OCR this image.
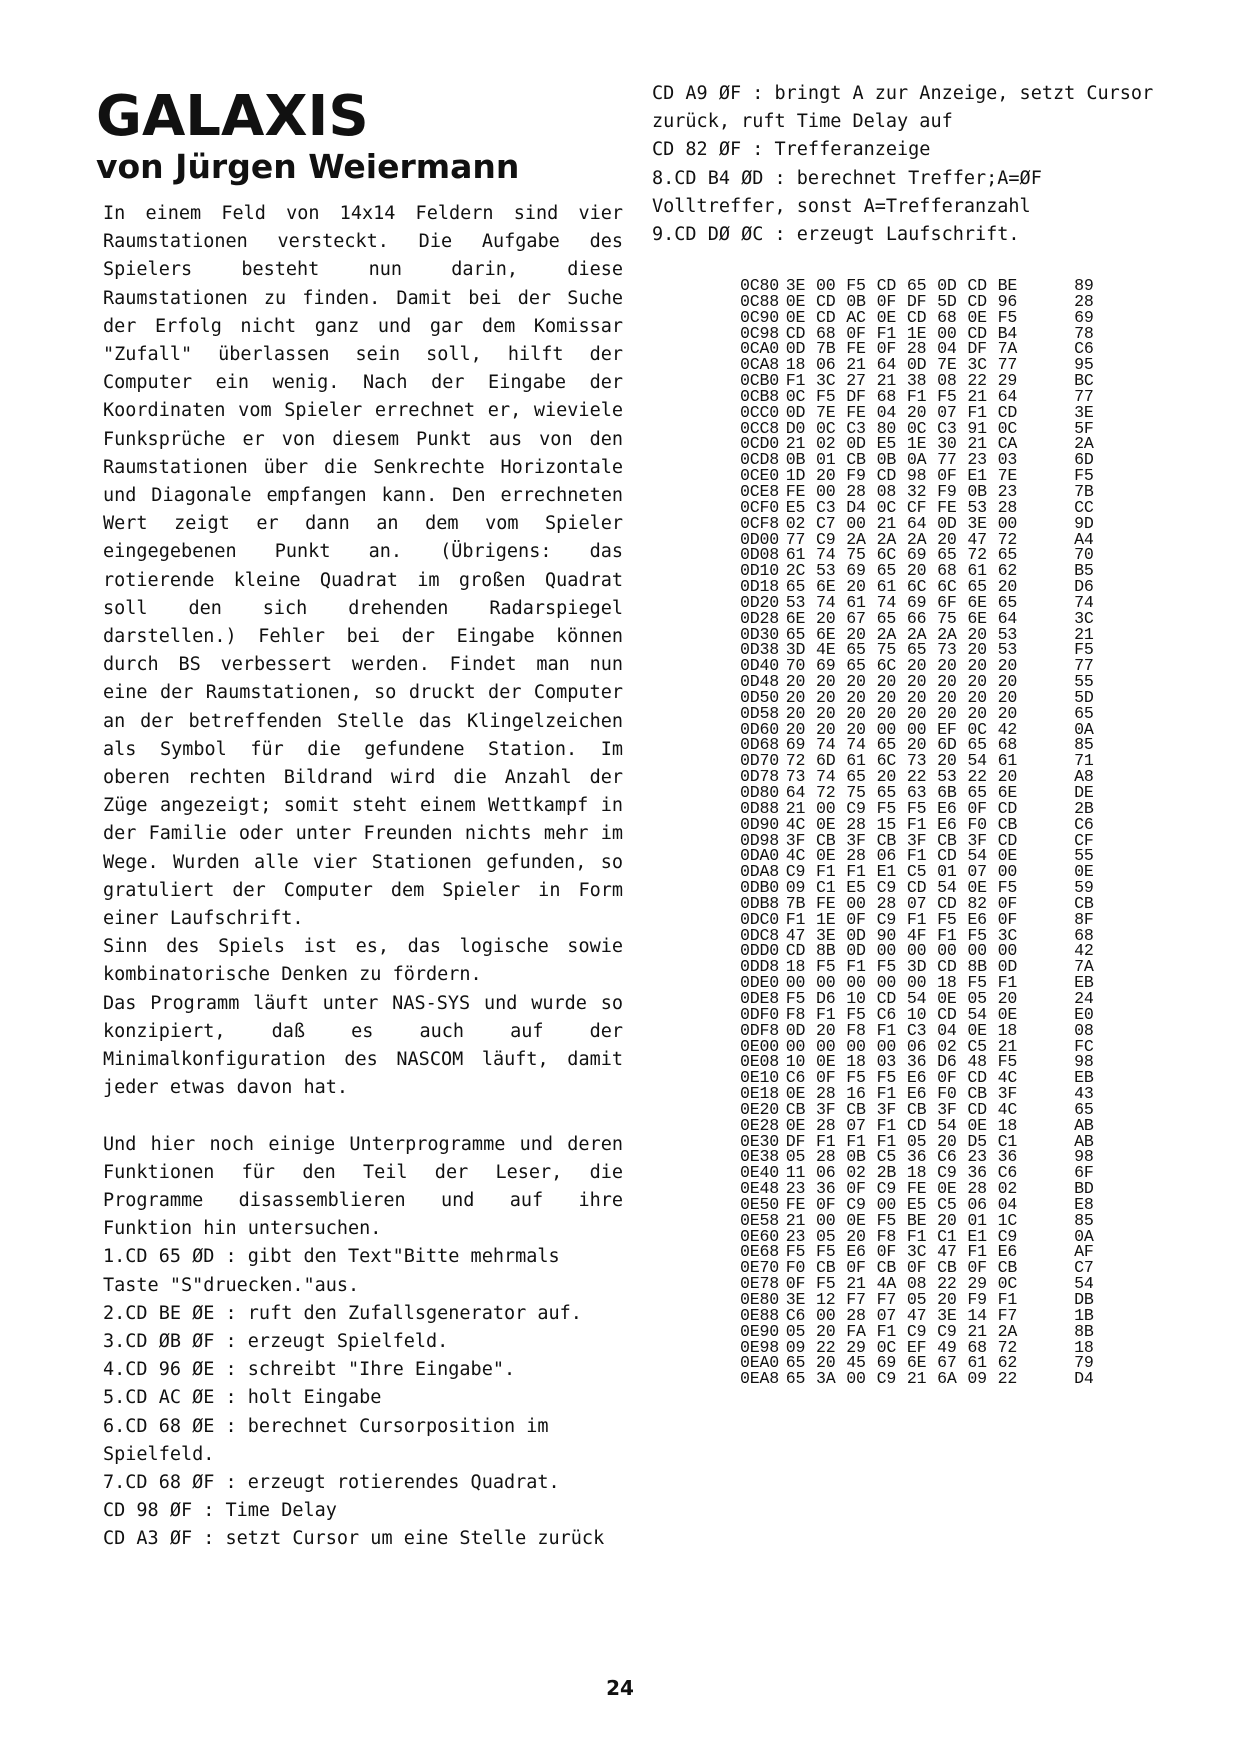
GALAXIS
von Jürgen Weiermann

In einem Feld von 14x14 Feldern sind vier Raumstationen versteckt. Die Aufgabe des Spielers besteht nun darin, diese Raumstationen zu finden. Damit bei der Suche der Erfolg nicht ganz und gar dem Komissar "Zufall" überlassen sein soll, hilft der Computer ein wenig. Nach der Eingabe der Koordinaten vom Spieler errechnet er, wieviele Funksprüche er von diesem Punkt aus von den Raumstationen über die Senkrechte Horizontale und Diagonale empfangen kann. Den errechneten Wert zeigt er dann an dem vom Spieler eingegebenen Punkt an. (Übrigens: das rotierende kleine Quadrat im großen Quadrat soll den sich drehenden Radarspiegel darstellen.) Fehler bei der Eingabe können durch BS verbessert werden. Findet man nun eine der Raumstationen, so druckt der Computer an der betreffenden Stelle das Klingelzeichen als Symbol für die gefundene Station. Im oberen rechten Bildrand wird die Anzahl der Züge angezeigt; somit steht einem Wettkampf in der Familie oder unter Freunden nichts mehr im Wege. Wurden alle vier Stationen gefunden, so gratuliert der Computer dem Spieler in Form einer Laufschrift.

Sinn des Spiels ist es, das logische sowie kombinatorische Denken zu fördern.

Das Programm läuft unter NAS-SYS und wurde so konzipiert, daß es auch auf der Minimalkonfiguration des NASCOM läuft, damit jeder etwas davon hat.

Und hier noch einige Unterprogramme und deren Funktionen für den Teil der Leser, die Programme disassemblieren und auf ihre Funktion hin untersuchen.

1.CD 65 ØD : gibt den Text"Bitte mehrmals Taste "S"druecken."aus.

2.CD BE ØE : ruft den Zufallsgenerator auf.

3.CD ØB ØF : erzeugt Spielfeld.

4.CD 96 ØE : schreibt "Ihre Eingabe".

5.CD AC ØE : holt Eingabe

6.CD 68 ØE : berechnet Cursorposition im Spielfeld.

7.CD 68 ØF : erzeugt rotierendes Quadrat.

CD 98 ØF : Time Delay

CD A3 ØF : setzt Cursor um eine Stelle zurück

CD A9 ØF : bringt A zur Anzeige, setzt Cursor zurück, ruft Time Delay auf

CD 82 ØF : Trefferanzeige

8.CD B4 ØD : berechnet Treffer;A=ØF Volltreffer, sonst A=Trefferanzahl

9.CD DØ ØC : erzeugt Laufschrift.

0C80 3E 00 F5 CD 65 0D CD BE	89
0C88 0E CD 0B 0F DF 5D CD 96	28
0C90 0E CD AC 0E CD 68 0E F5	69
0C98 CD 68 0F F1 1E 00 CD B4	78
0CA0 0D 7B FE 0F 28 04 DF 7A	C6
0CA8 18 06 21 64 0D 7E 3C 77	95
0CB0 F1 3C 27 21 38 08 22 29	BC
0CB8 0C F5 DF 68 F1 F5 21 64	77
0CC0 0D 7E FE 04 20 07 F1 CD	3E
0CC8 D0 0C C3 80 0C C3 91 0C	5F
0CD0 21 02 0D E5 1E 30 21 CA	2A
0CD8 0B 01 CB 0B 0A 77 23 03	6D
0CE0 1D 20 F9 CD 98 0F E1 7E	F5
0CE8 FE 00 28 08 32 F9 0B 23	7B
0CF0 E5 C3 D4 0C CF FE 53 28	CC
0CF8 02 C7 00 21 64 0D 3E 00	9D
0D00 77 C9 2A 2A 2A 20 47 72	A4
0D08 61 74 75 6C 69 65 72 65	70
0D10 2C 53 69 65 20 68 61 62	B5
0D18 65 6E 20 61 6C 6C 65 20	D6
0D20 53 74 61 74 69 6F 6E 65	74
0D28 6E 20 67 65 66 75 6E 64	3C
0D30 65 6E 20 2A 2A 2A 20 53	21
0D38 3D 4E 65 75 65 73 20 53	F5
0D40 70 69 65 6C 20 20 20 20	77
0D48 20 20 20 20 20 20 20 20	55
0D50 20 20 20 20 20 20 20 20	5D
0D58 20 20 20 20 20 20 20 20	65
0D60 20 20 20 00 00 EF 0C 42	0A
0D68 69 74 74 65 20 6D 65 68	85
0D70 72 6D 61 6C 73 20 54 61	71
0D78 73 74 65 20 22 53 22 20	A8
0D80 64 72 75 65 63 6B 65 6E	DE
0D88 21 00 C9 F5 F5 E6 0F CD	2B
0D90 4C 0E 28 15 F1 E6 F0 CB	C6
0D98 3F CB 3F CB 3F CB 3F CD	CF
0DA0 4C 0E 28 06 F1 CD 54 0E	55
0DA8 C9 F1 F1 E1 C5 01 07 00	0E
0DB0 09 C1 E5 C9 CD 54 0E F5	59
0DB8 7B FE 00 28 07 CD 82 0F	CB
0DC0 F1 1E 0F C9 F1 F5 E6 0F	8F
0DC8 47 3E 0D 90 4F F1 F5 3C	68
0DD0 CD 8B 0D 00 00 00 00 00	42
0DD8 18 F5 F1 F5 3D CD 8B 0D	7A
0DE0 00 00 00 00 00 18 F5 F1	EB
0DE8 F5 D6 10 CD 54 0E 05 20	24
0DF0 F8 F1 F5 C6 10 CD 54 0E	E0
0DF8 0D 20 F8 F1 C3 04 0E 18	08
0E00 00 00 00 00 06 02 C5 21	FC
0E08 10 0E 18 03 36 D6 48 F5	98
0E10 C6 0F F5 F5 E6 0F CD 4C	EB
0E18 0E 28 16 F1 E6 F0 CB 3F	43
0E20 CB 3F CB 3F CB 3F CD 4C	65
0E28 0E 28 07 F1 CD 54 0E 18	AB
0E30 DF F1 F1 F1 05 20 D5 C1	AB
0E38 05 28 0B C5 36 C6 23 36	98
0E40 11 06 02 2B 18 C9 36 C6	6F
0E48 23 36 0F C9 FE 0E 28 02	BD
0E50 FE 0F C9 00 E5 C5 06 04	E8
0E58 21 00 0E F5 BE 20 01 1C	85
0E60 23 05 20 F8 F1 C1 E1 C9	0A
0E68 F5 F5 E6 0F 3C 47 F1 E6	AF
0E70 F0 CB 0F CB 0F CB 0F CB	C7
0E78 0F F5 21 4A 08 22 29 0C	54
0E80 3E 12 F7 F7 05 20 F9 F1	DB
0E88 C6 00 28 07 47 3E 14 F7	1B
0E90 05 20 FA F1 C9 C9 21 2A	8B
0E98 09 22 29 0C EF 49 68 72	18
0EA0 65 20 45 69 6E 67 61 62	79
0EA8 65 3A 00 C9 21 6A 09 22	D4
24
